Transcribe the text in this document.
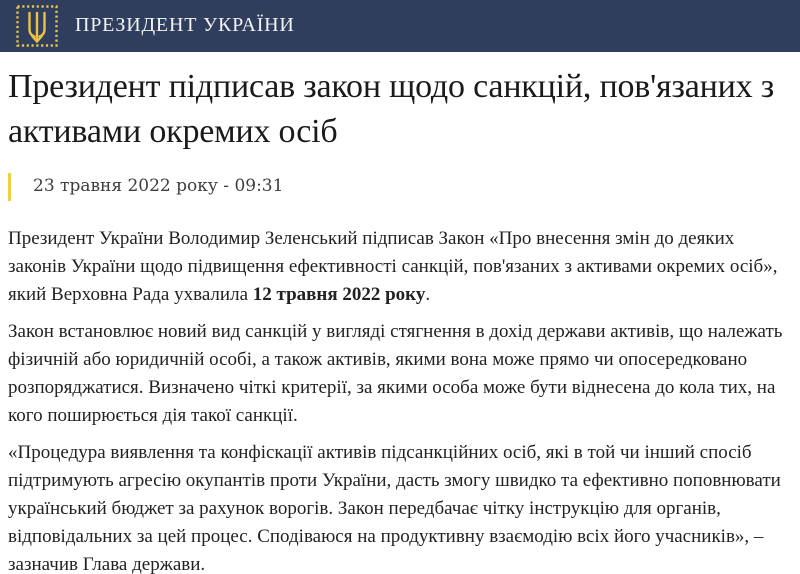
ПРЕЗИДЕНТ УКРАЇНИ
Президент підписав закон щодо санкцій, пов'язаних з активами окремих осіб
23 травня 2022 року - 09:31

Президент України Володимир Зеленський підписав Закон «Про внесення змін до деяких законів України щодо підвищення ефективності санкцій, пов'язаних з активами окремих осіб», який Верховна Рада ухвалила 12 травня 2022 року.

Закон встановлює новий вид санкцій у вигляді стягнення в дохід держави активів, що належать фізичній або юридичній особі, а також активів, якими вона може прямо чи опосередковано розпоряджатися. Визначено чіткі критерії, за якими особа може бути віднесена до кола тих, на кого поширюється дія такої санкції.

«Процедура виявлення та конфіскації активів підсанкційних осіб, які в той чи інший спосіб підтримують агресію окупантів проти України, дасть змогу швидко та ефективно поповнювати український бюджет за рахунок ворогів. Закон передбачає чітку інструкцію для органів, відповідальних за цей процес. Сподіваюся на продуктивну взаємодію всіх його учасників», – зазначив Глава держави.
